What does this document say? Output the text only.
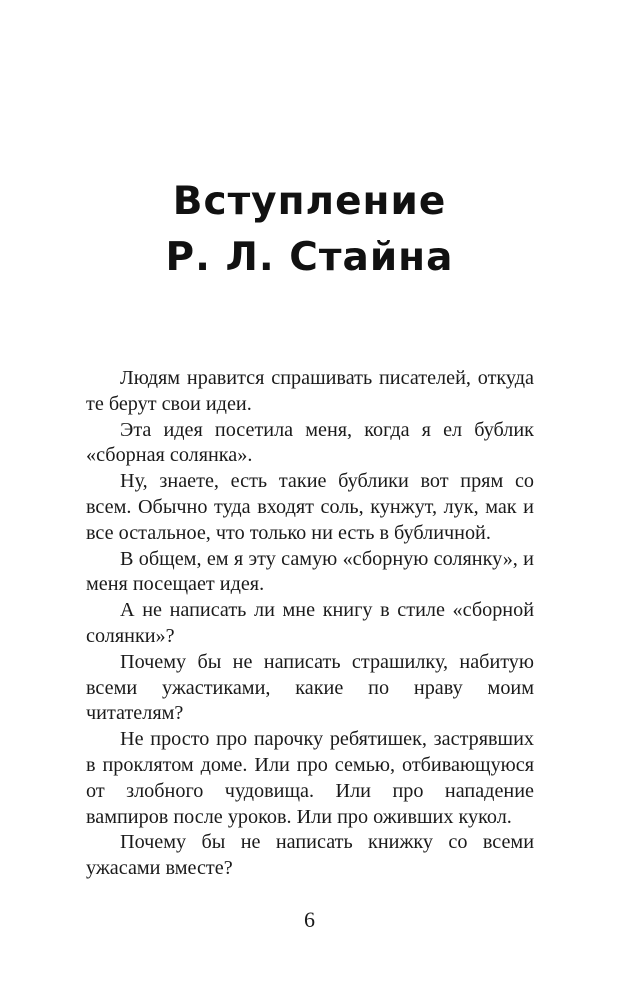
Вступление
Р. Л. Стайна

Людям нравится спрашивать писателей, откуда те берут свои идеи.

Эта идея посетила меня, когда я ел бублик «сборная солянка».

Ну, знаете, есть такие бублики вот прям со всем. Обычно туда входят соль, кунжут, лук, мак и все остальное, что только ни есть в бубличной.

В общем, ем я эту самую «сборную солянку», и меня посещает идея.

А не написать ли мне книгу в стиле «сборной солянки»?

Почему бы не написать страшилку, набитую всеми ужастиками, какие по нраву моим читателям?

Не просто про парочку ребятишек, застрявших в проклятом доме. Или про семью, отбивающуюся от злобного чудовища. Или про нападение вампиров после уроков. Или про оживших кукол.

Почему бы не написать книжку со всеми ужасами вместе?

6
